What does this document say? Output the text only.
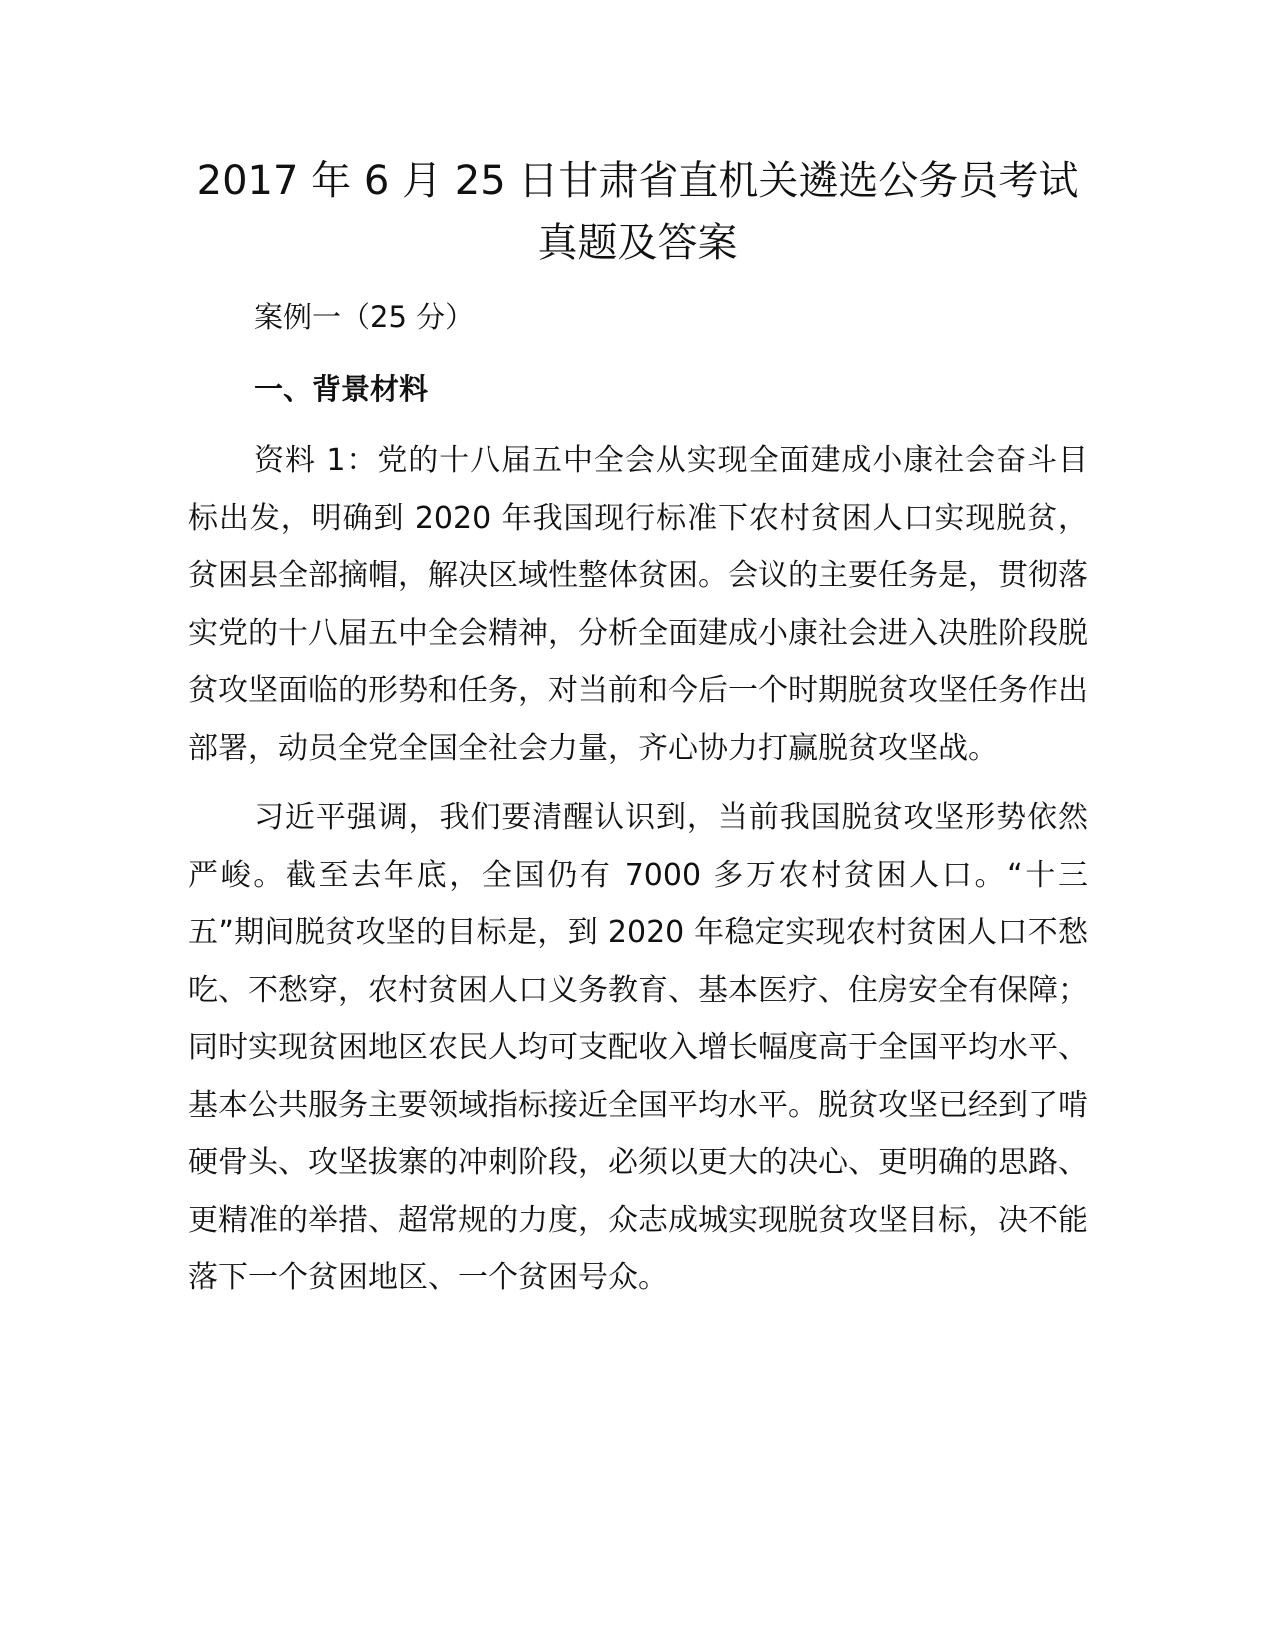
2017 年 6 月 25 日甘肃省直机关遴选公务员考试
真题及答案

案例一（25 分）

一、背景材料

资料 1：党的十八届五中全会从实现全面建成小康社会奋斗目标出发，明确到 2020 年我国现行标准下农村贫困人口实现脱贫，贫困县全部摘帽，解决区域性整体贫困。会议的主要任务是，贯彻落实党的十八届五中全会精神，分析全面建成小康社会进入决胜阶段脱贫攻坚面临的形势和任务，对当前和今后一个时期脱贫攻坚任务作出部署，动员全党全国全社会力量，齐心协力打赢脱贫攻坚战。

习近平强调，我们要清醒认识到，当前我国脱贫攻坚形势依然严峻。截至去年底，全国仍有 7000 多万农村贫困人口。“十三五”期间脱贫攻坚的目标是，到 2020 年稳定实现农村贫困人口不愁吃、不愁穿，农村贫困人口义务教育、基本医疗、住房安全有保障；同时实现贫困地区农民人均可支配收入增长幅度高于全国平均水平、基本公共服务主要领域指标接近全国平均水平。脱贫攻坚已经到了啃硬骨头、攻坚拔寨的冲刺阶段，必须以更大的决心、更明确的思路、更精准的举措、超常规的力度，众志成城实现脱贫攻坚目标，决不能落下一个贫困地区、一个贫困号众。
